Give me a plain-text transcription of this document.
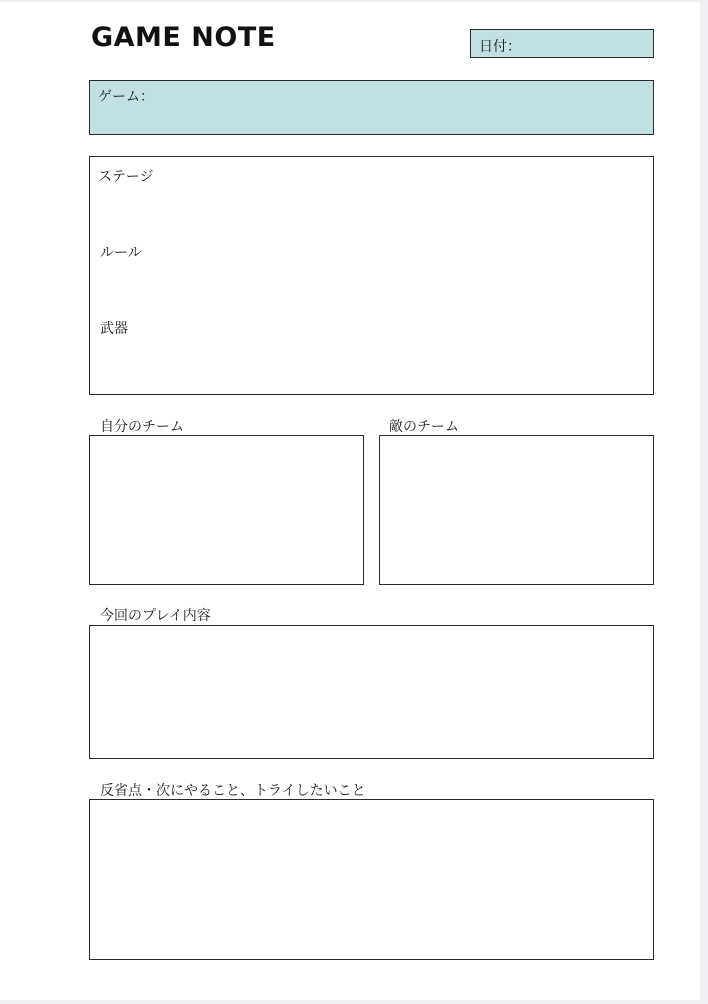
GAME NOTE	日付：
ゲーム：
ステージ
ルール
武器
自分のチーム	敵のチーム
今回のプレイ内容
反省点・次にやること、トライしたいこと
